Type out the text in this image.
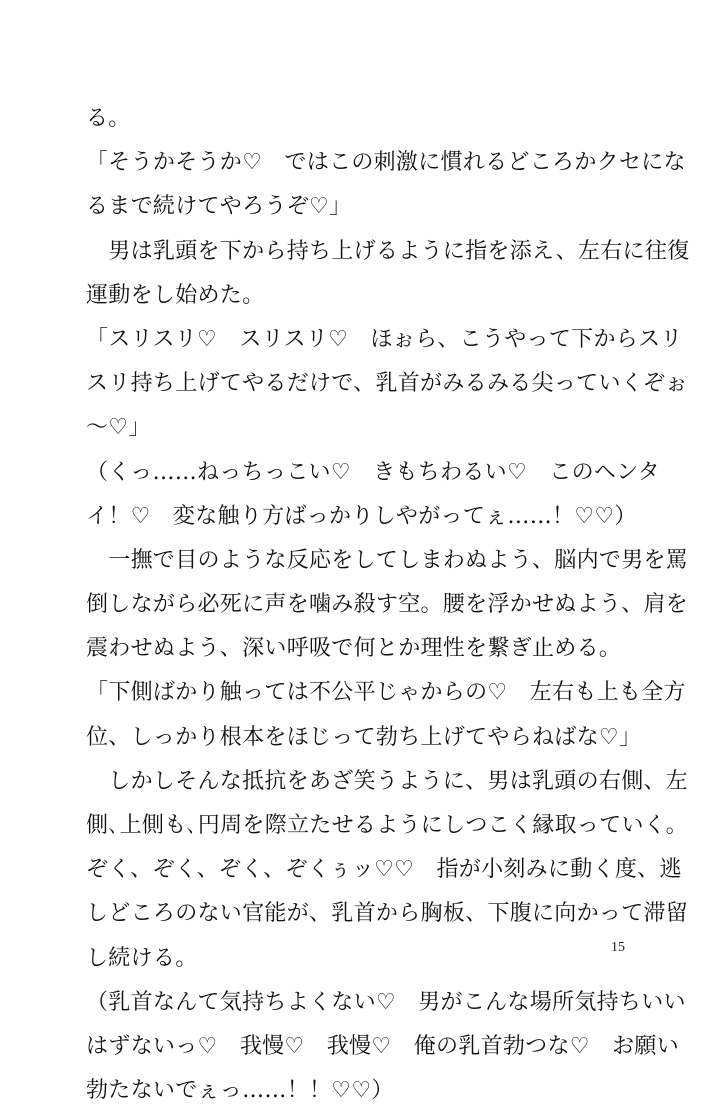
る。
「そうかそうか♡　ではこの刺激に慣れるどころかクセにな
るまで続けてやろうぞ♡」
　男は乳頭を下から持ち上げるように指を添え、左右に往復
運動をし始めた。
「スリスリ♡　スリスリ♡　ほぉら、こうやって下からスリ
スリ持ち上げてやるだけで、乳首がみるみる尖っていくぞぉ
〜♡」
（くっ……ねっちっこい♡　きもちわるい♡　このヘンタ
イ！♡　変な触り方ばっかりしやがってぇ……！♡♡）
　一撫で目のような反応をしてしまわぬよう、脳内で男を罵
倒しながら必死に声を噛み殺す空。腰を浮かせぬよう、肩を
震わせぬよう、深い呼吸で何とか理性を繋ぎ止める。
「下側ばかり触っては不公平じゃからの♡　左右も上も全方
位、しっかり根本をほじって勃ち上げてやらねばな♡」
　しかしそんな抵抗をあざ笑うように、男は乳頭の右側、左
側､上側も､円周を際立たせるようにしつこく縁取っていく。
ぞく、ぞく、ぞく、ぞくぅッ♡♡　指が小刻みに動く度、逃
しどころのない官能が、乳首から胸板、下腹に向かって滞留
し続ける。
（乳首なんて気持ちよくない♡　男がこんな場所気持ちいい
はずないっ♡　我慢♡　我慢♡　俺の乳首勃つな♡　お願い
勃たないでぇっ……！！♡♡）
15
